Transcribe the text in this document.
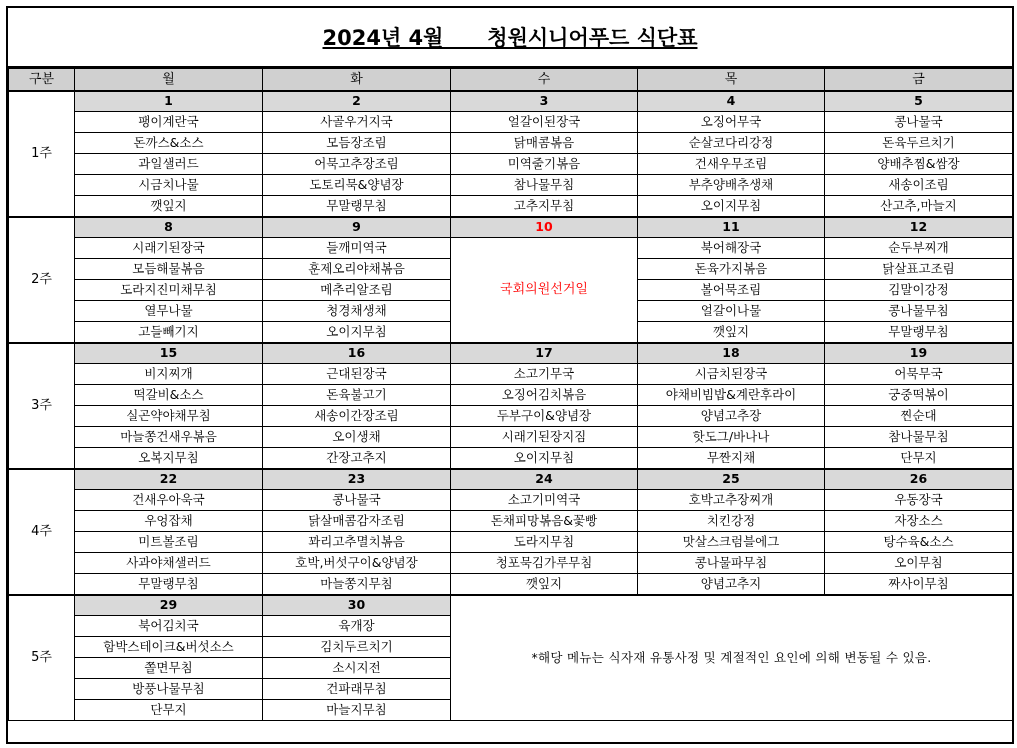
2024년 4월      청원시니어푸드 식단표
구분	월	화	수	목	금
1주	1	2	3	4	5
	팽이계란국	사골우거지국	얼갈이된장국	오징어무국	콩나물국
	돈까스&소스	모듬장조림	닭매콤볶음	순살코다리강정	돈육두르치기
	과일샐러드	어묵고추장조림	미역줄기볶음	건새우무조림	양배추찜&쌈장
	시금치나물	도토리묵&양념장	참나물무침	부추양배추생채	새송이조림
	깻잎지	무말랭무침	고추지무침	오이지무침	산고추,마늘지
2주	8	9	10	11	12
	시래기된장국	들깨미역국	국회의원선거일	북어해장국	순두부찌개
	모듬해물볶음	훈제오리야채볶음		돈육가지볶음	닭살표고조림
	도라지진미채무침	메추리알조림		볼어묵조림	김말이강정
	열무나물	청경채생채		얼갈이나물	콩나물무침
	고들빼기지	오이지무침		깻잎지	무말랭무침
3주	15	16	17	18	19
	비지찌개	근대된장국	소고기무국	시금치된장국	어묵무국
	떡갈비&소스	돈육불고기	오징어김치볶음	야채비빔밥&계란후라이	궁중떡볶이
	실곤약야채무침	새송이간장조림	두부구이&양념장	양념고추장	찐순대
	마늘쫑건새우볶음	오이생채	시래기된장지짐	핫도그/바나나	참나물무침
	오복지무침	간장고추지	오이지무침	무짠지채	단무지
4주	22	23	24	25	26
	건새우아욱국	콩나물국	소고기미역국	호박고추장찌개	우동장국
	우엉잡채	닭살매콤감자조림	돈채피망볶음&꽃빵	치킨강정	자장소스
	미트볼조림	꽈리고추멸치볶음	도라지무침	맛살스크럼블에그	탕수육&소스
	사과야채샐러드	호박,버섯구이&양념장	청포묵김가루무침	콩나물파무침	오이무침
	무말랭무침	마늘쫑지무침	깻잎지	양념고추지	짜사이무침
5주	29	30	*해당 메뉴는 식자재 유통사정 및 계절적인 요인에 의해 변동될 수 있음.		
	북어김치국	육개장			
	함박스테이크&버섯소스	김치두르치기			
	쫄면무침	소시지전			
	방풍나물무침	건파래무침			
	단무지	마늘지무침			
